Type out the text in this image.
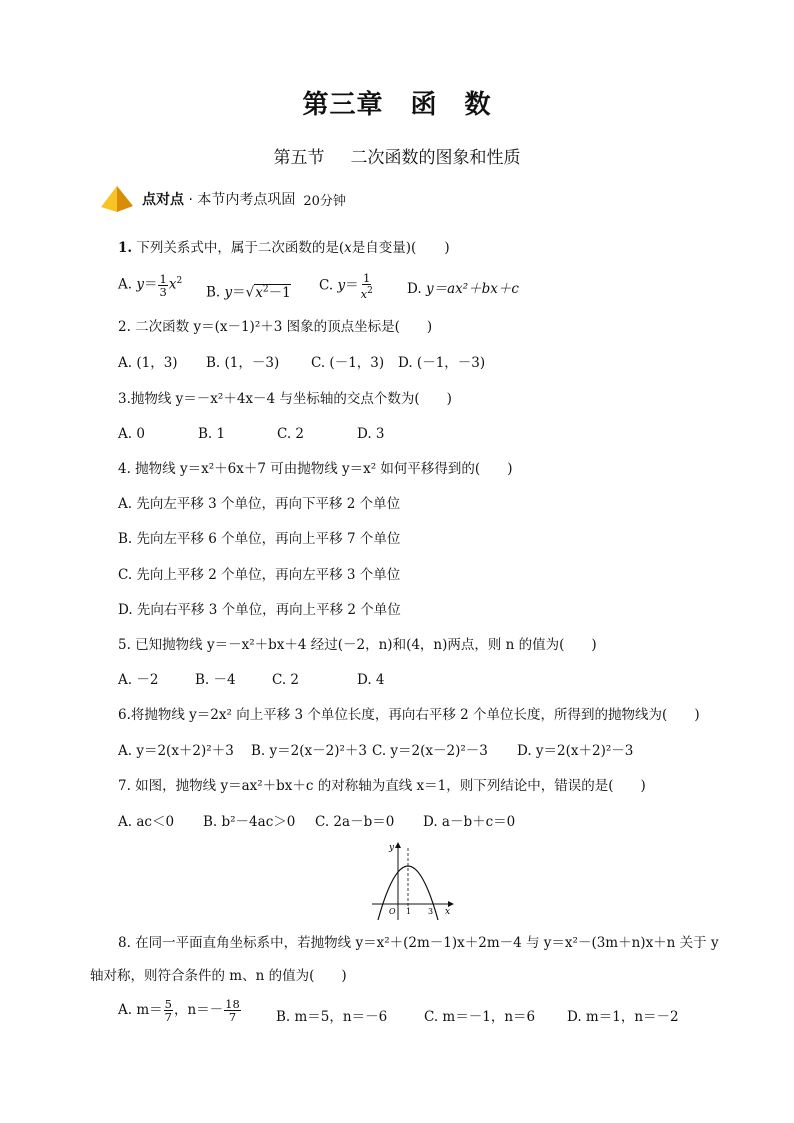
第三章　函　数
第五节 二次函数的图象和性质
点对点 · 本节内考点巩固 20分钟
1. 下列关系式中，属于二次函数的是(x是自变量)( )
A. $y= \frac{1}{3} x^2$
B. $y=√x^2-1$ C. $y= \frac{1}{x^2} D$. y＝ax²＋bx＋c
2. 二次函数 y＝(x－1)²＋3 图象的顶点坐标是(　　)
A. (1，3) B. (1，－3) C. (－1，3) D. (－1，－3)
3.抛物线 y＝－x²＋4x－4 与坐标轴的交点个数为(　　)
A. 0	B. 1	C. 2	D. 3
4. 抛物线 y＝x²＋6x＋7 可由抛物线 y＝x² 如何平移得到的(　　)
A. 先向左平移 3 个单位，再向下平移 2 个单位
B. 先向左平移 6 个单位，再向上平移 7 个单位
C. 先向上平移 2 个单位，再向左平移 3 个单位
D. 先向右平移 3 个单位，再向上平移 2 个单位
5. 已知抛物线 y＝－x²＋bx＋4 经过(－2，n)和(4，n)两点，则 n 的值为(　　)
A. －2	B. －4	C. 2	D. 4
6.将抛物线 y＝2x² 向上平移 3 个单位长度，再向右平移 2 个单位长度，所得到的抛物线为(　　)
A. y＝2(x＋2)²＋3 B. y＝2(x－2)²＋3 C. y＝2(x－2)²－3 D. y＝2(x＋2)²－3
7. 如图，抛物线 y＝ax²＋bx＋c 的对称轴为直线 x＝1，则下列结论中，错误的是(　　)
A. ac＜0 B. b²－4ac＞0 C. 2a－b＝0 D. a－b＋c＝0
y
x
O 1 3
8. 在同一平面直角坐标系中，若抛物线 y＝x²＋(2m－1)x＋2m－4 与 y＝x²－(3m＋n)x＋n 关于 y
轴对称，则符合条件的 m、n 的值为(　　)
A. $m= \frac{5}{7}$ ，$n=- \frac{18}{7}$	B. m＝5，n＝－6	C. m＝－1，n＝6 D. m＝1，n＝－2
